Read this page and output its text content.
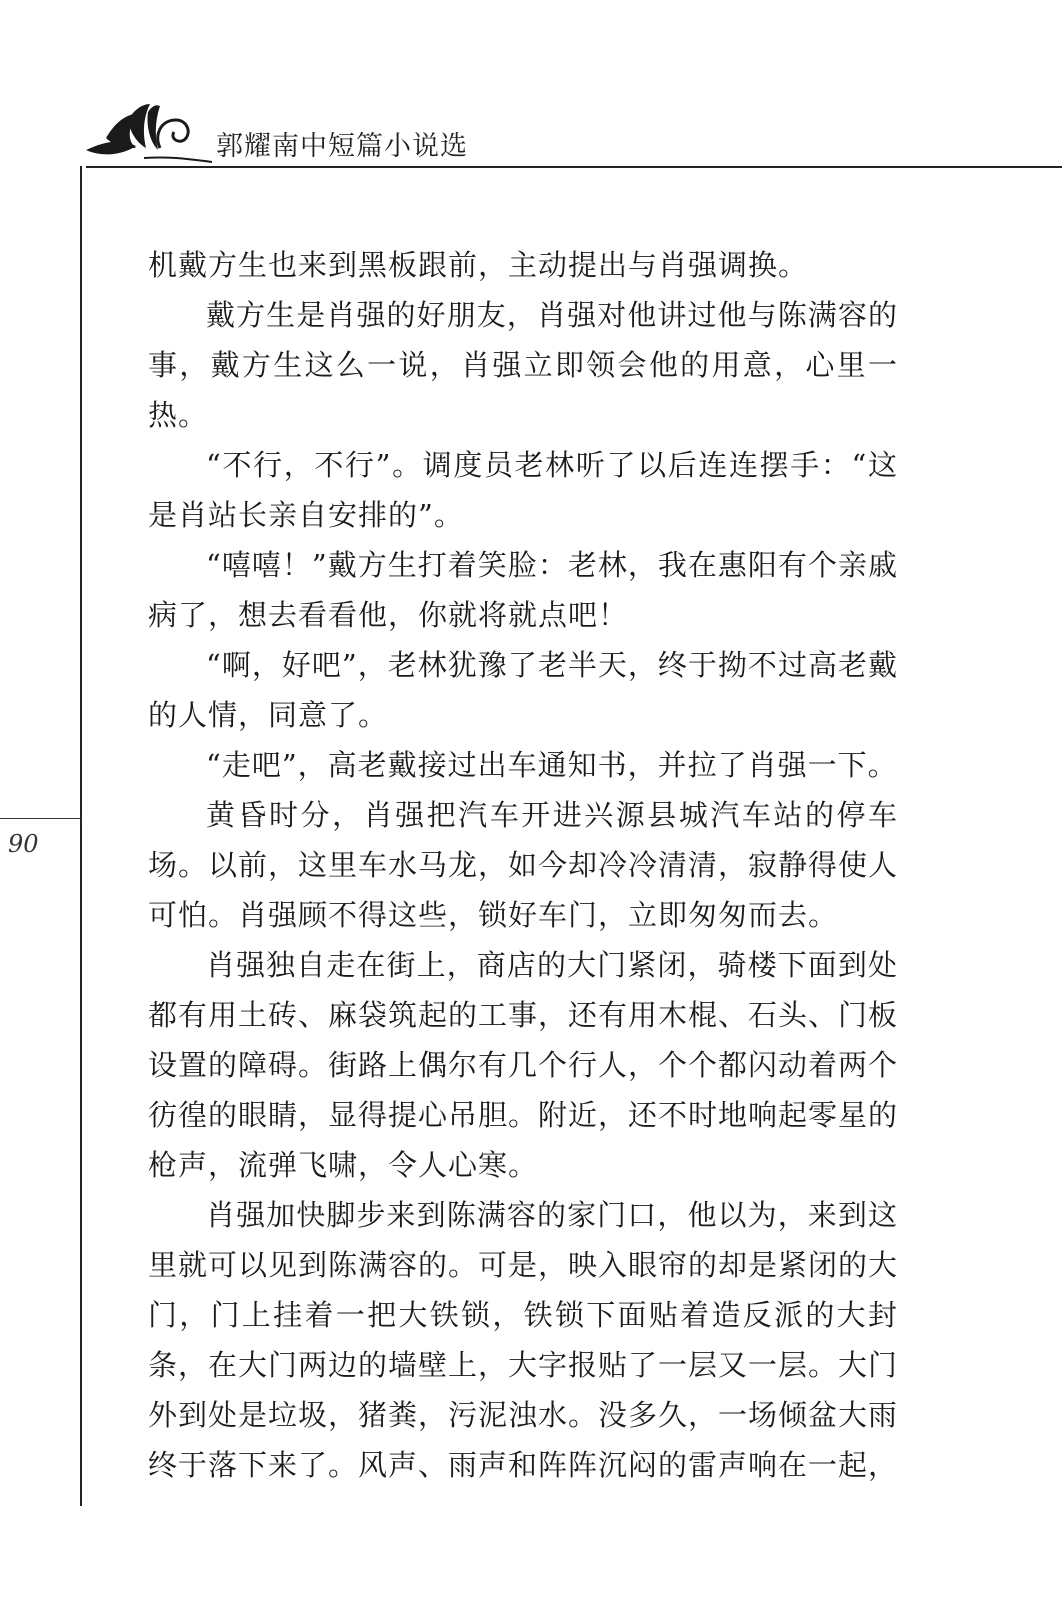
郭耀南中短篇小说选
90

机戴方生也来到黑板跟前，主动提出与肖强调换。

戴方生是肖强的好朋友，肖强对他讲过他与陈满容的事，戴方生这么一说，肖强立即领会他的用意，心里一热。

“不行，不行”。调度员老林听了以后连连摆手：“这是肖站长亲自安排的”。

“嘻嘻！”戴方生打着笑脸：老林，我在惠阳有个亲戚病了，想去看看他，你就将就点吧！

“啊，好吧”，老林犹豫了老半天，终于拗不过高老戴的人情，同意了。

“走吧”，高老戴接过出车通知书，并拉了肖强一下。

黄昏时分，肖强把汽车开进兴源县城汽车站的停车场。以前，这里车水马龙，如今却冷冷清清，寂静得使人可怕。肖强顾不得这些，锁好车门，立即匆匆而去。

肖强独自走在街上，商店的大门紧闭，骑楼下面到处都有用土砖、麻袋筑起的工事，还有用木棍、石头、门板设置的障碍。街路上偶尔有几个行人，个个都闪动着两个彷徨的眼睛，显得提心吊胆。附近，还不时地响起零星的枪声，流弹飞啸，令人心寒。

肖强加快脚步来到陈满容的家门口，他以为，来到这里就可以见到陈满容的。可是，映入眼帘的却是紧闭的大门，门上挂着一把大铁锁，铁锁下面贴着造反派的大封条，在大门两边的墙壁上，大字报贴了一层又一层。大门外到处是垃圾，猪粪，污泥浊水。没多久，一场倾盆大雨终于落下来了。风声、雨声和阵阵沉闷的雷声响在一起，
